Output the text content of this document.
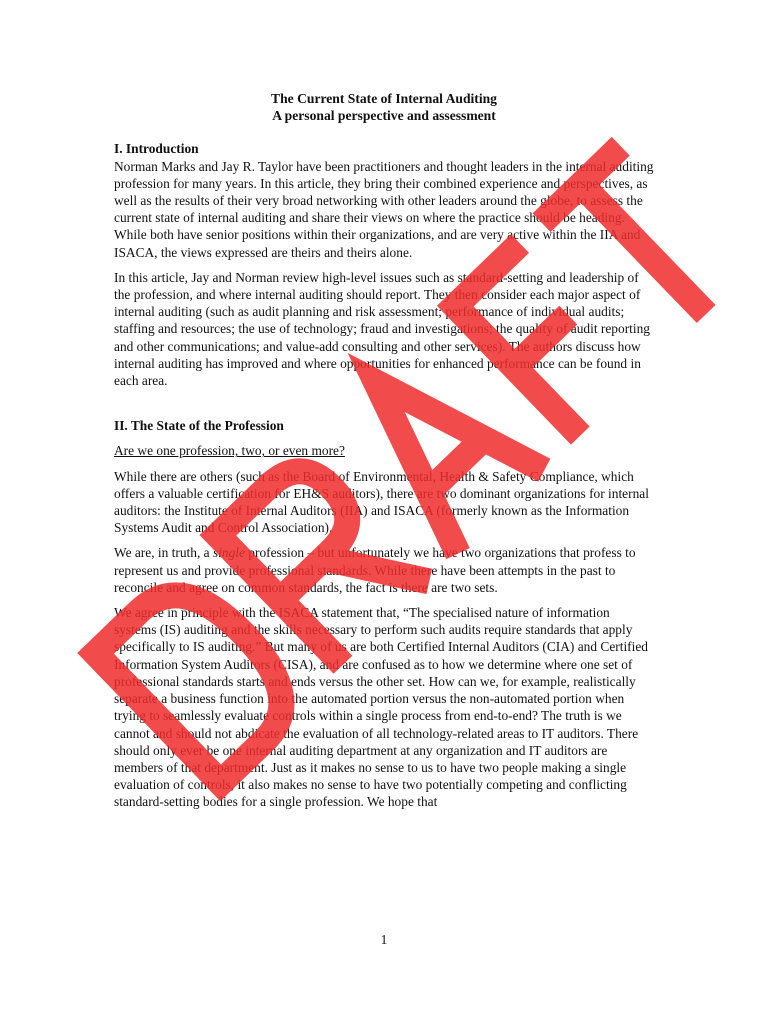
The Current State of Internal Auditing

A personal perspective and assessment

I. Introduction

Norman Marks and Jay R. Taylor have been practitioners and thought leaders in the internal auditing profession for many years. In this article, they bring their combined experience and perspectives, as well as the results of their very broad networking with other leaders around the globe, to assess the current state of internal auditing and share their views on where the practice should be heading. While both have senior positions within their organizations, and are very active within the IIA and ISACA, the views expressed are theirs and theirs alone.

In this article, Jay and Norman review high-level issues such as standard-setting and leadership of the profession, and where internal auditing should report. They then consider each major aspect of internal auditing (such as audit planning and risk assessment; performance of individual audits; staffing and resources; the use of technology; fraud and investigations; the quality of audit reporting and other communications; and value-add consulting and other services). The authors discuss how internal auditing has improved and where opportunities for enhanced performance can be found in each area.

II. The State of the Profession

Are we one profession, two, or even more?

While there are others (such as the Board of Environmental, Health & Safety Compliance, which offers a valuable certification for EH&S auditors), there are two dominant organizations for internal auditors: the Institute of Internal Auditors (IIA) and ISACA (formerly known as the Information Systems Audit and Control Association).

We are, in truth, a single profession – but unfortunately we have two organizations that profess to represent us and provide professional standards. While there have been attempts in the past to reconcile and agree on common standards, the fact is there are two sets.

We agree in principle with the ISACA statement that, “The specialised nature of information systems (IS) auditing and the skills necessary to perform such audits require standards that apply specifically to IS auditing.” But many of us are both Certified Internal Auditors (CIA) and Certified Information System Auditors (CISA), and are confused as to how we determine where one set of professional standards starts and ends versus the other set. How can we, for example, realistically separate a business function into the automated portion versus the non-automated portion when trying to seamlessly evaluate controls within a single process from end-to-end? The truth is we cannot and should not abdicate the evaluation of all technology-related areas to IT auditors. There should only ever be one internal auditing department at any organization and IT auditors are members of that department. Just as it makes no sense to us to have two people making a single evaluation of controls, it also makes no sense to have two potentially competing and conflicting standard-setting bodies for a single profession. We hope that

1
